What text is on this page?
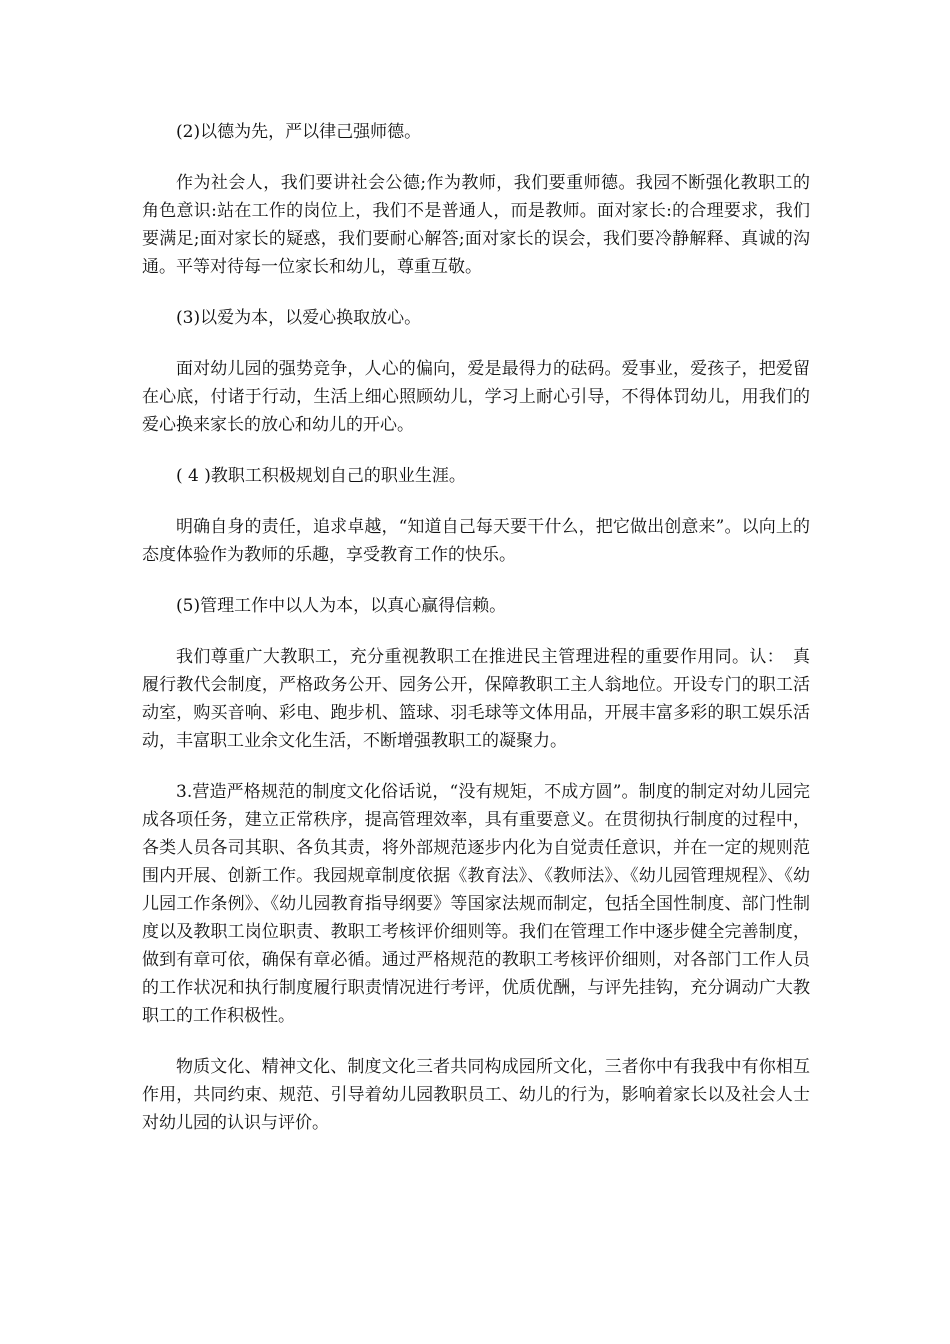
(2)以德为先，严以律己强师德。

作为社会人，我们要讲社会公德;作为教师，我们要重师德。我园不断强化教职工的角色意识:站在工作的岗位上，我们不是普通人，而是教师。面对家长:的合理要求，我们要满足;面对家长的疑惑，我们要耐心解答;面对家长的误会，我们要冷静解释、真诚的沟通。平等对待每一位家长和幼儿，尊重互敬。

(3)以爱为本，以爱心换取放心。

面对幼儿园的强势竞争，人心的偏向，爱是最得力的砝码。爱事业，爱孩子，把爱留在心底，付诸于行动，生活上细心照顾幼儿，学习上耐心引导，不得体罚幼儿，用我们的爱心换来家长的放心和幼儿的开心。

( 4 )教职工积极规划自己的职业生涯。

明确自身的责任，追求卓越，“知道自己每天要干什么，把它做出创意来”。以向上的态度体验作为教师的乐趣，享受教育工作的快乐。

(5)管理工作中以人为本，以真心赢得信赖。

我们尊重广大教职工，充分重视教职工在推进民主管理进程的重要作用同。认：　真履行教代会制度，严格政务公开、园务公开，保障教职工主人翁地位。开设专门的职工活动室，购买音响、彩电、跑步机、篮球、羽毛球等文体用品，开展丰富多彩的职工娱乐活动，丰富职工业余文化生活，不断增强教职工的凝聚力。

3.营造严格规范的制度文化俗话说，“没有规矩，不成方圆”。制度的制定对幼儿园完成各项任务，建立正常秩序，提高管理效率，具有重要意义。在贯彻执行制度的过程中，各类人员各司其职、各负其责，将外部规范逐步内化为自觉责任意识，并在一定的规则范围内开展、创新工作。我园规章制度依据《教育法》、《教师法》、《幼儿园管理规程》、《幼儿园工作条例》、《幼儿园教育指导纲要》等国家法规而制定，包括全国性制度、部门性制度以及教职工岗位职责、教职工考核评价细则等。我们在管理工作中逐步健全完善制度，做到有章可依，确保有章必循。通过严格规范的教职工考核评价细则，对各部门工作人员的工作状况和执行制度履行职责情况进行考评，优质优酬，与评先挂钩，充分调动广大教职工的工作积极性。

物质文化、精神文化、制度文化三者共同构成园所文化，三者你中有我我中有你相互作用，共同约束、规范、引导着幼儿园教职员工、幼儿的行为，影响着家长以及社会人士对幼儿园的认识与评价。
